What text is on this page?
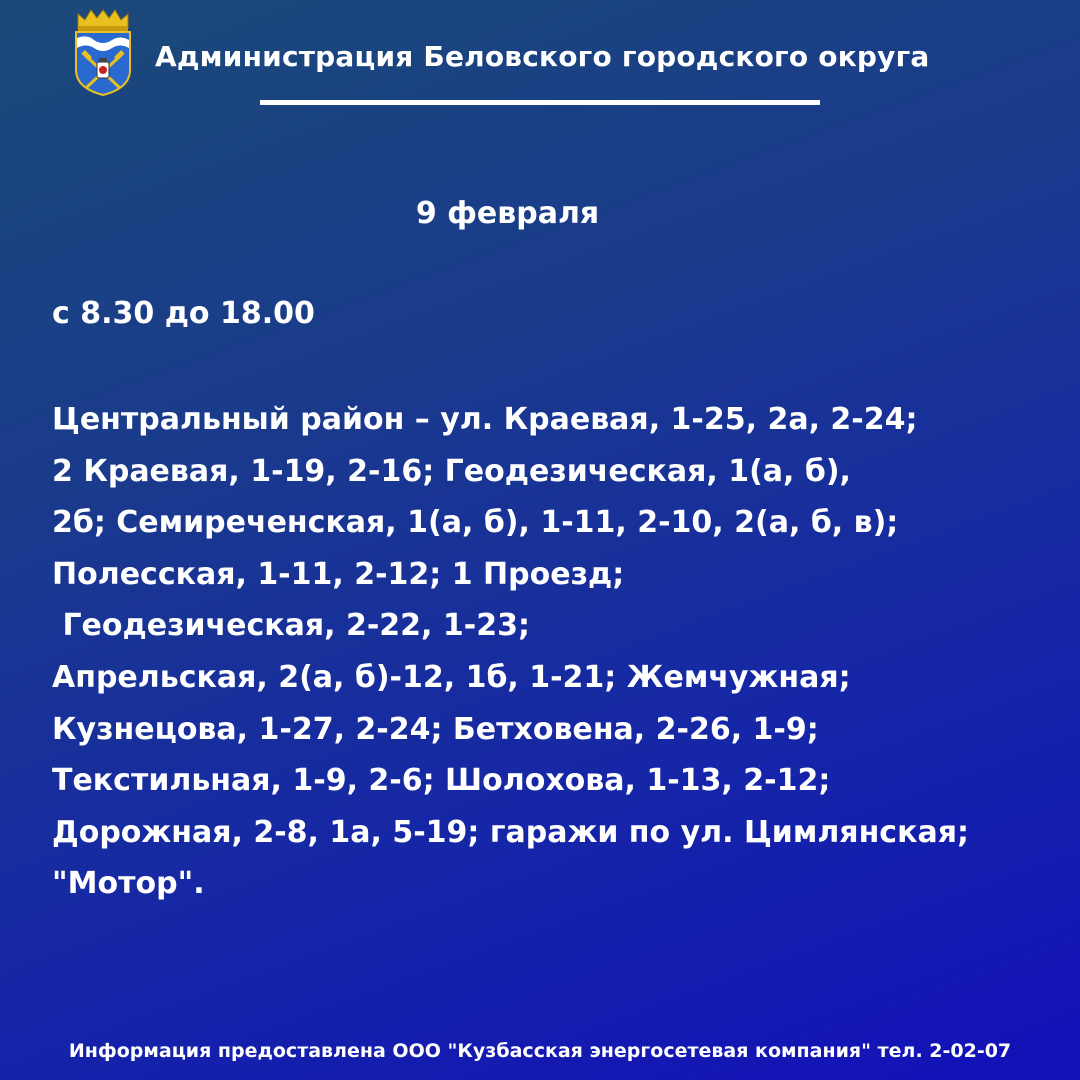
Администрация Беловского городского округа
9 февраля
с 8.30 до 18.00
Центральный район – ул. Краевая, 1-25, 2а, 2-24;
2 Краевая, 1-19, 2-16; Геодезическая, 1(а, б),
2б; Семиреченская, 1(а, б), 1-11, 2-10, 2(а, б, в);
Полесская, 1-11, 2-12; 1 Проезд;
Геодезическая, 2-22, 1-23;
Апрельская, 2(а, б)-12, 1б, 1-21; Жемчужная;
Кузнецова, 1-27, 2-24; Бетховена, 2-26, 1-9;
Текстильная, 1-9, 2-6; Шолохова, 1-13, 2-12;
Дорожная, 2-8, 1а, 5-19; гаражи по ул. Цимлянская;
"Мотор".
Информация предоставлена ООО "Кузбасская энергосетевая компания" тел. 2-02-07
